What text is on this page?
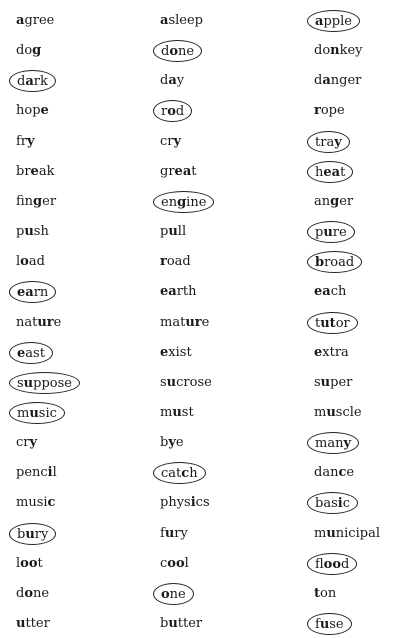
agree
dog
dark
hope
fry
break
finger
push
load
earn
nature
east
suppose
music
cry
pencil
music
bury
loot
done
utter
asleep
done
day
rod
cry
great
engine
pull
road
earth
mature
exist
sucrose
must
bye
catch
physics
fury
cool
one
butter
apple
donkey
danger
rope
tray
heat
anger
pure
broad
each
tutor
extra
super
muscle
many
dance
basic
municipal
flood
ton
fuse
